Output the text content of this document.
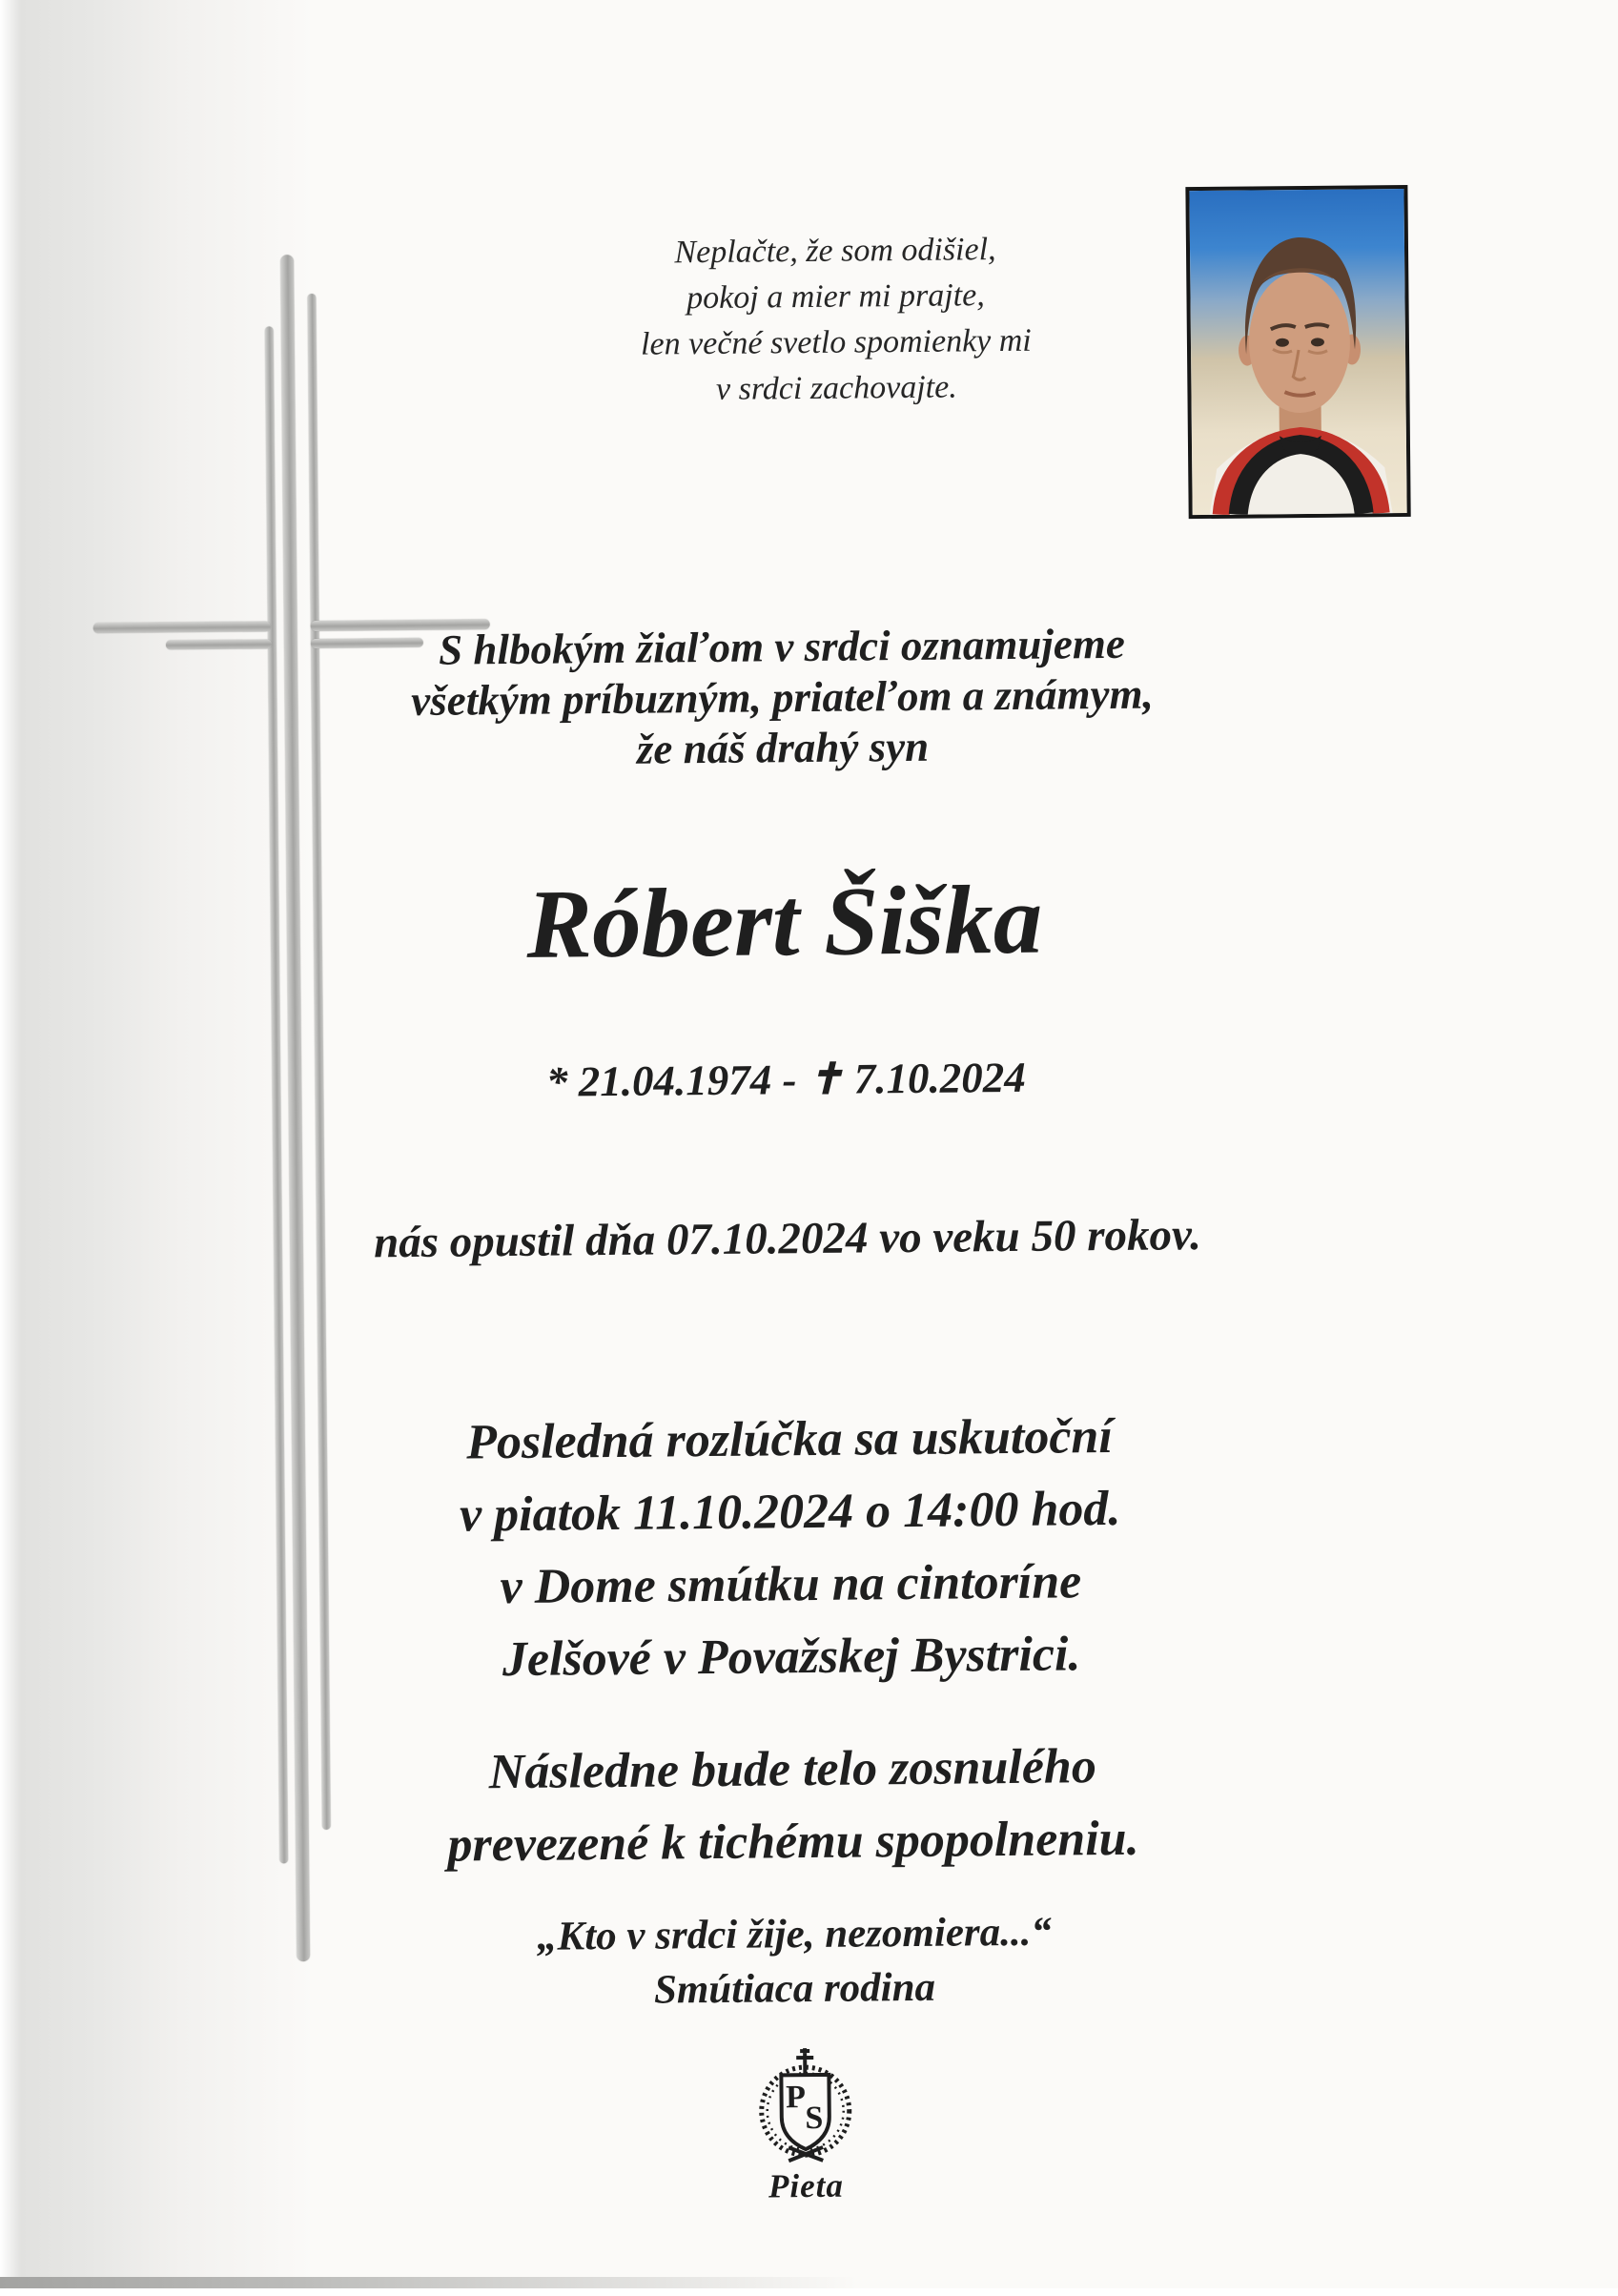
Neplačte, že som odišiel,
pokoj a mier mi prajte,
len večné svetlo spomienky mi
v srdci zachovajte.
S hlbokým žiaľom v srdci oznamujeme
všetkým príbuzným, priateľom a známym,
že náš drahý syn
Róbert Šiška
* 21.04.1974 - ✝ 7.10.2024
nás opustil dňa 07.10.2024 vo veku 50 rokov.
Posledná rozlúčka sa uskutoční
v piatok 11.10.2024 o 14:00 hod.
v Dome smútku na cintoríne
Jelšové v Považskej Bystrici.
Následne bude telo zosnulého
prevezené k tichému spopolneniu.
„Kto v srdci žije, nezomiera...“
Smútiaca rodina
P
S
Pieta
